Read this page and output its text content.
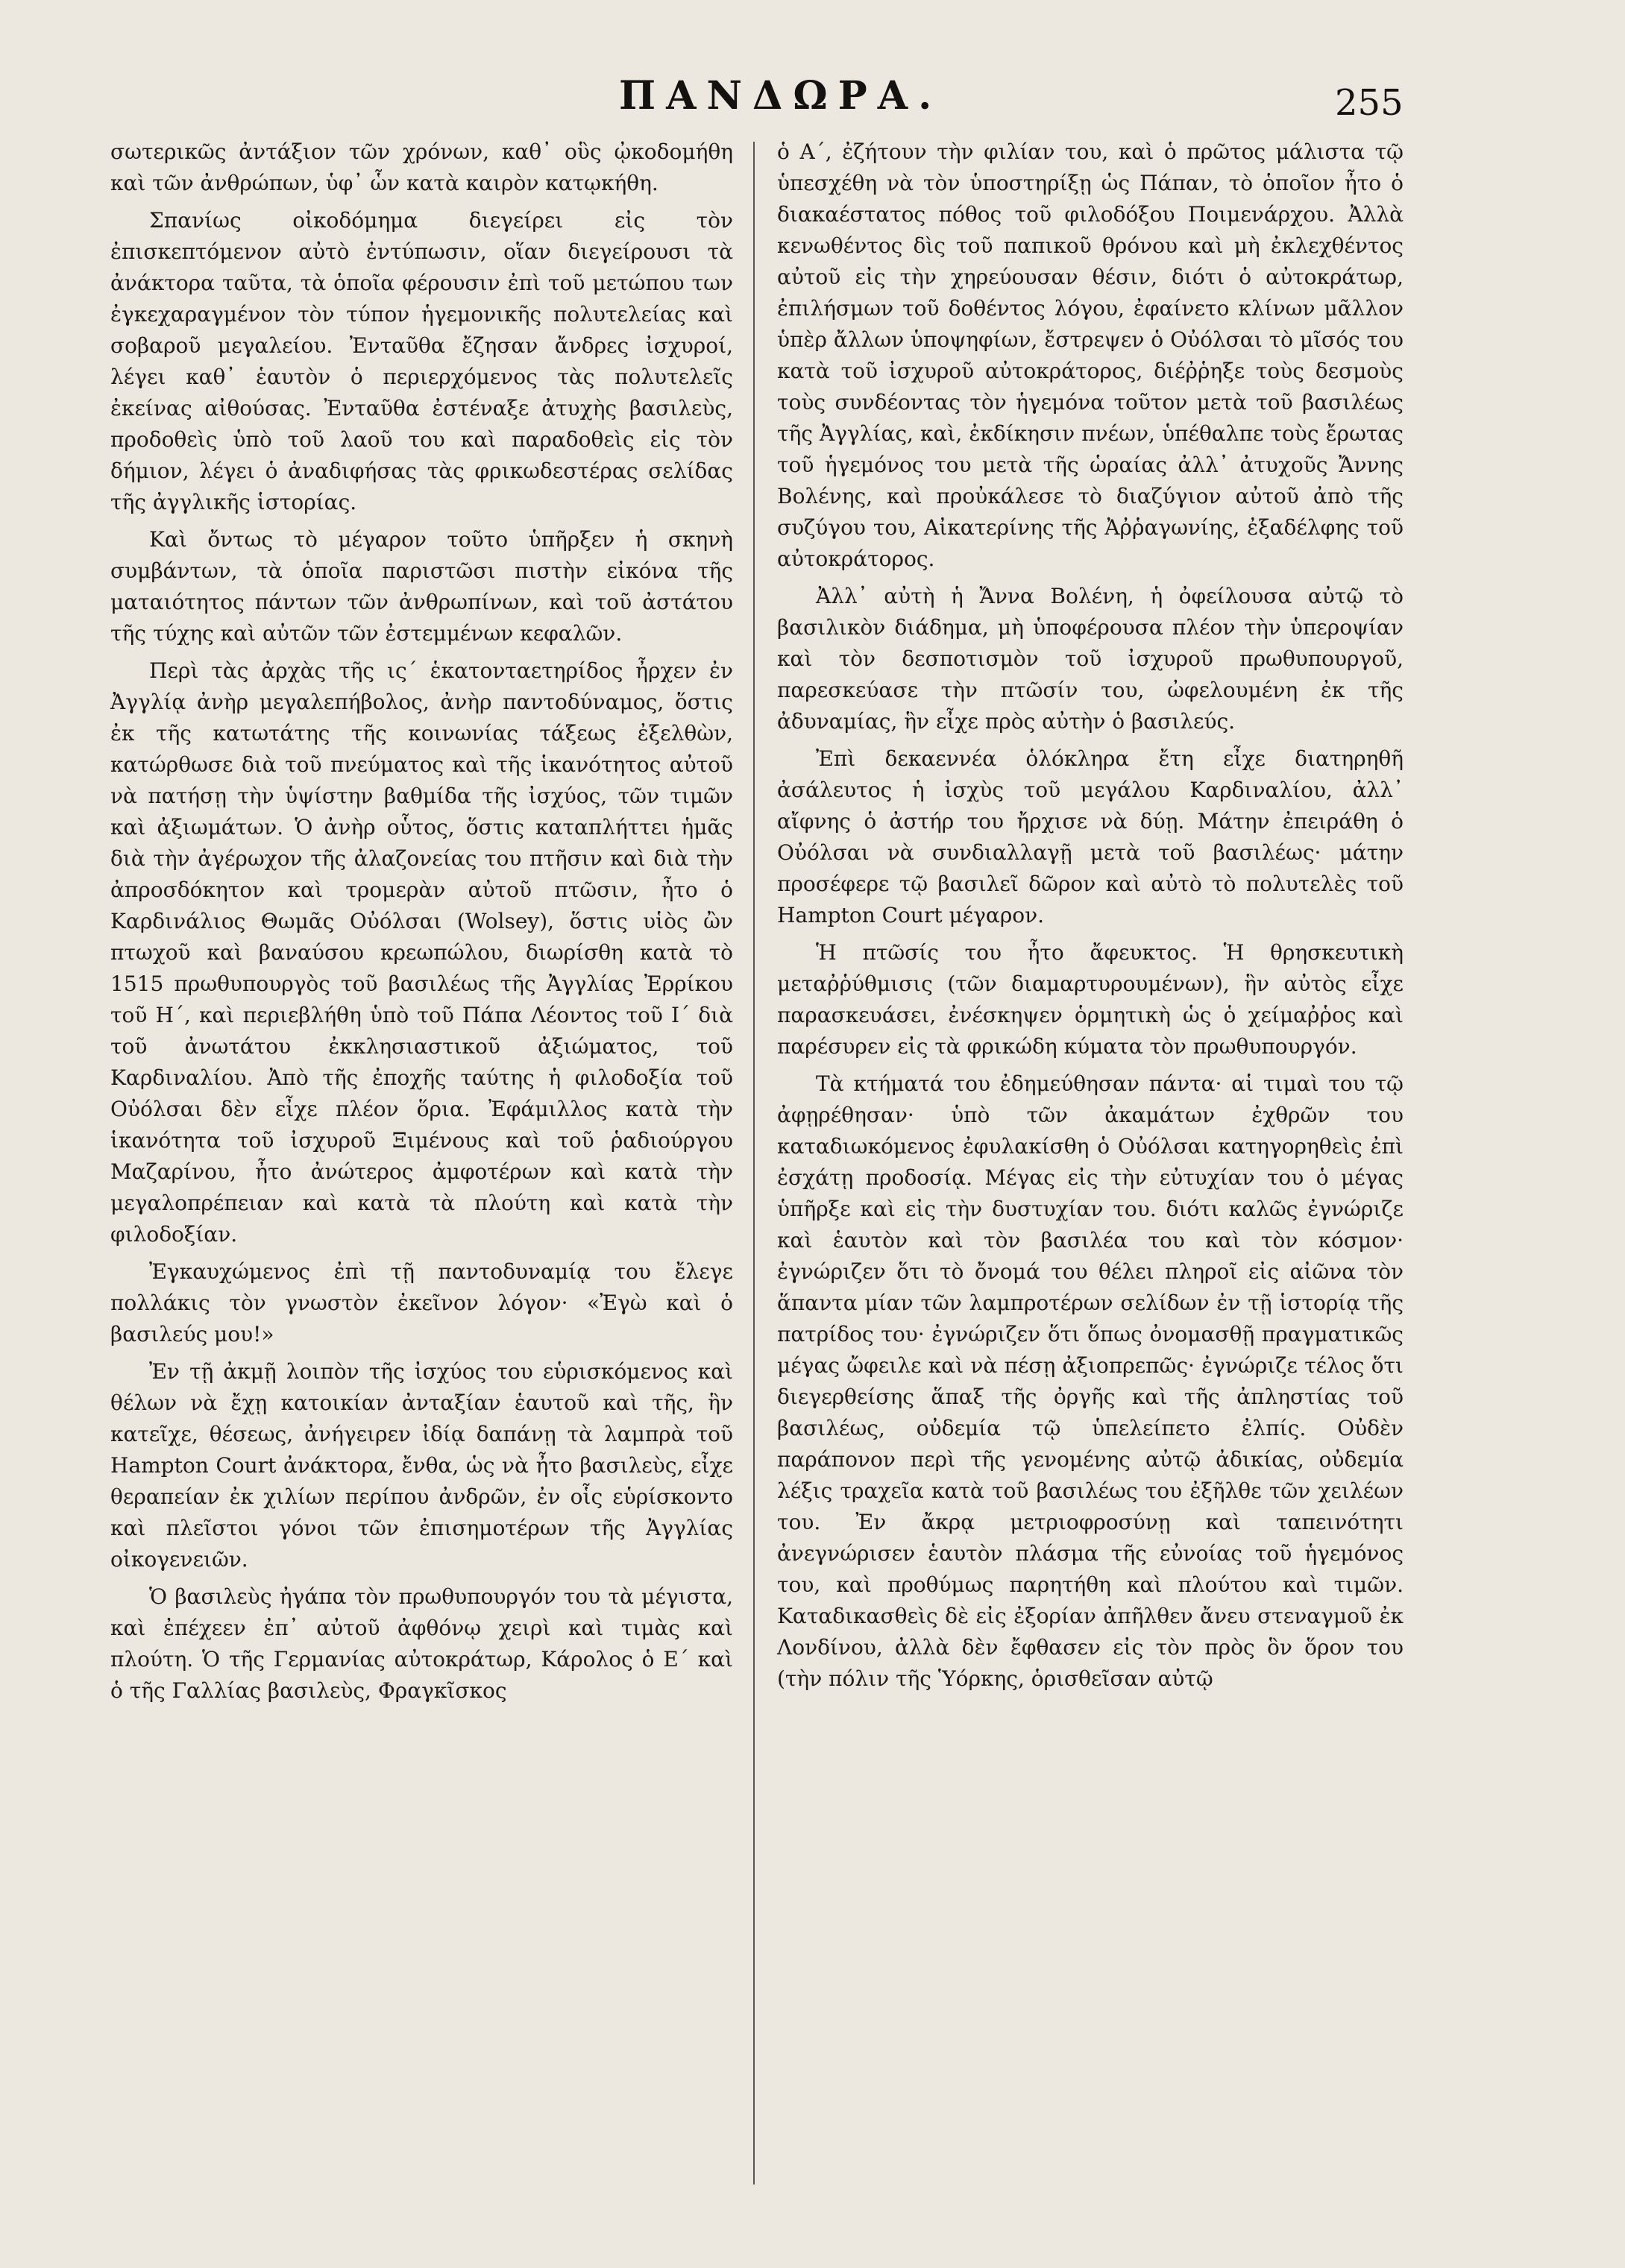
ΠΑΝΔΩΡΑ.	255

σωτερικῶς ἀντάξιον τῶν χρόνων, καθ᾽ οὓς ᾠκοδομήθη καὶ τῶν ἀνθρώπων, ὑφ᾽ ὧν κατὰ καιρὸν κατῳκήθη.

Σπανίως οἰκοδόμημα διεγείρει εἰς τὸν ἐπισκεπτόμενον αὐτὸ ἐντύπωσιν, οἵαν διεγείρουσι τὰ ἀνάκτορα ταῦτα, τὰ ὁποῖα φέρουσιν ἐπὶ τοῦ μετώπου των ἐγκεχαραγμένον τὸν τύπον ἡγεμονικῆς πολυτελείας καὶ σοβαροῦ μεγαλείου. Ἐνταῦθα ἔζησαν ἄνδρες ἰσχυροί, λέγει καθ᾽ ἑαυτὸν ὁ περιερχόμενος τὰς πολυτελεῖς ἐκείνας αἰθούσας. Ἐνταῦθα ἐστέναξε ἀτυχὴς βασιλεὺς, προδοθεὶς ὑπὸ τοῦ λαοῦ του καὶ παραδοθεὶς εἰς τὸν δήμιον, λέγει ὁ ἀναδιφήσας τὰς φρικωδεστέρας σελίδας τῆς ἀγγλικῆς ἱστορίας.

Καὶ ὄντως τὸ μέγαρον τοῦτο ὑπῆρξεν ἡ σκηνὴ συμβάντων, τὰ ὁποῖα παριστῶσι πιστὴν εἰκόνα τῆς ματαιότητος πάντων τῶν ἀνθρωπίνων, καὶ τοῦ ἀστάτου τῆς τύχης καὶ αὐτῶν τῶν ἐστεμμένων κεφαλῶν.

Περὶ τὰς ἀρχὰς τῆς ις´ ἑκατονταετηρίδος ἦρχεν ἐν Ἀγγλίᾳ ἀνὴρ μεγαλεπήβολος, ἀνὴρ παντοδύναμος, ὅστις ἐκ τῆς κατωτάτης τῆς κοινωνίας τάξεως ἐξελθὼν, κατώρθωσε διὰ τοῦ πνεύματος καὶ τῆς ἱκανότητος αὐτοῦ νὰ πατήσῃ τὴν ὑψίστην βαθμίδα τῆς ἰσχύος, τῶν τιμῶν καὶ ἀξιωμάτων. Ὁ ἀνὴρ οὗτος, ὅστις καταπλήττει ἡμᾶς διὰ τὴν ἀγέρωχον τῆς ἀλαζονείας του πτῆσιν καὶ διὰ τὴν ἀπροσδόκητον καὶ τρομερὰν αὐτοῦ πτῶσιν, ἦτο ὁ Καρδινάλιος Θωμᾶς Οὐόλσαι (Wolsey), ὅστις υἱὸς ὢν πτωχοῦ καὶ βαναύσου κρεωπώλου, διωρίσθη κατὰ τὸ 1515 πρωθυπουργὸς τοῦ βασιλέως τῆς Ἀγγλίας Ἐρρίκου τοῦ Η´, καὶ περιεβλήθη ὑπὸ τοῦ Πάπα Λέοντος τοῦ Ι´ διὰ τοῦ ἀνωτάτου ἐκκλησιαστικοῦ ἀξιώματος, τοῦ Καρδιναλίου. Ἀπὸ τῆς ἐποχῆς ταύτης ἡ φιλοδοξία τοῦ Οὐόλσαι δὲν εἶχε πλέον ὅρια. Ἐφάμιλλος κατὰ τὴν ἱκανότητα τοῦ ἰσχυροῦ Ξιμένους καὶ τοῦ ῥαδιούργου Μαζαρίνου, ἦτο ἀνώτερος ἀμφοτέρων καὶ κατὰ τὴν μεγαλοπρέπειαν καὶ κατὰ τὰ πλούτη καὶ κατὰ τὴν φιλοδοξίαν.

Ἐγκαυχώμενος ἐπὶ τῇ παντοδυναμίᾳ του ἔλεγε πολλάκις τὸν γνωστὸν ἐκεῖνον λόγον· «Ἐγὼ καὶ ὁ βασιλεύς μου!»

Ἐν τῇ ἀκμῇ λοιπὸν τῆς ἰσχύος του εὑρισκόμενος καὶ θέλων νὰ ἔχῃ κατοικίαν ἀνταξίαν ἑαυτοῦ καὶ τῆς, ἣν κατεῖχε, θέσεως, ἀνήγειρεν ἰδίᾳ δαπάνῃ τὰ λαμπρὰ τοῦ Hampton Court ἀνάκτορα, ἔνθα, ὡς νὰ ἦτο βασιλεὺς, εἶχε θεραπείαν ἐκ χιλίων περίπου ἀνδρῶν, ἐν οἷς εὑρίσκοντο καὶ πλεῖστοι γόνοι τῶν ἐπισημοτέρων τῆς Ἀγγλίας οἰκογενειῶν.

Ὁ βασιλεὺς ἠγάπα τὸν πρωθυπουργόν του τὰ μέγιστα, καὶ ἐπέχεεν ἐπ᾽ αὐτοῦ ἀφθόνῳ χειρὶ καὶ τιμὰς καὶ πλούτη. Ὁ τῆς Γερμανίας αὐτοκράτωρ, Κάρολος ὁ Ε´ καὶ ὁ τῆς Γαλλίας βασιλεὺς, Φραγκῖσκος

ὁ Α´, ἐζήτουν τὴν φιλίαν του, καὶ ὁ πρῶτος μάλιστα τῷ ὑπεσχέθη νὰ τὸν ὑποστηρίξῃ ὡς Πάπαν, τὸ ὁποῖον ἦτο ὁ διακαέστατος πόθος τοῦ φιλοδόξου Ποιμενάρχου. Ἀλλὰ κενωθέντος δὶς τοῦ παπικοῦ θρόνου καὶ μὴ ἐκλεχθέντος αὐτοῦ εἰς τὴν χηρεύουσαν θέσιν, διότι ὁ αὐτοκράτωρ, ἐπιλήσμων τοῦ δοθέντος λόγου, ἐφαίνετο κλίνων μᾶλλον ὑπὲρ ἄλλων ὑποψηφίων, ἔστρεψεν ὁ Οὐόλσαι τὸ μῖσός του κατὰ τοῦ ἰσχυροῦ αὐτοκράτορος, διέῤῥηξε τοὺς δεσμοὺς τοὺς συνδέοντας τὸν ἡγεμόνα τοῦτον μετὰ τοῦ βασιλέως τῆς Ἀγγλίας, καὶ, ἐκδίκησιν πνέων, ὑπέθαλπε τοὺς ἔρωτας τοῦ ἡγεμόνος του μετὰ τῆς ὡραίας ἀλλ᾽ ἀτυχοῦς Ἄννης Βολένης, καὶ προὐκάλεσε τὸ διαζύγιον αὐτοῦ ἀπὸ τῆς συζύγου του, Αἰκατερίνης τῆς Ἀῤῥαγωνίης, ἐξαδέλφης τοῦ αὐτοκράτορος.

Ἀλλ᾽ αὐτὴ ἡ Ἄννα Βολένη, ἡ ὀφείλουσα αὐτῷ τὸ βασιλικὸν διάδημα, μὴ ὑποφέρουσα πλέον τὴν ὑπεροψίαν καὶ τὸν δεσποτισμὸν τοῦ ἰσχυροῦ πρωθυπουργοῦ, παρεσκεύασε τὴν πτῶσίν του, ὠφελουμένη ἐκ τῆς ἀδυναμίας, ἣν εἶχε πρὸς αὐτὴν ὁ βασιλεύς.

Ἐπὶ δεκαεννέα ὁλόκληρα ἔτη εἶχε διατηρηθῆ ἀσάλευτος ἡ ἰσχὺς τοῦ μεγάλου Καρδιναλίου, ἀλλ᾽ αἴφνης ὁ ἀστήρ του ἤρχισε νὰ δύῃ. Μάτην ἐπειράθη ὁ Οὐόλσαι νὰ συνδιαλλαγῇ μετὰ τοῦ βασιλέως· μάτην προσέφερε τῷ βασιλεῖ δῶρον καὶ αὐτὸ τὸ πολυτελὲς τοῦ Hampton Court μέγαρον.

Ἡ πτῶσίς του ἦτο ἄφευκτος. Ἡ θρησκευτικὴ μεταῤῥύθμισις (τῶν διαμαρτυρουμένων), ἣν αὐτὸς εἶχε παρασκευάσει, ἐνέσκηψεν ὁρμητικὴ ὡς ὁ χείμαῤῥος καὶ παρέσυρεν εἰς τὰ φρικώδη κύματα τὸν πρωθυπουργόν.

Τὰ κτήματά του ἐδημεύθησαν πάντα· αἱ τιμαὶ του τῷ ἀφῃρέθησαν· ὑπὸ τῶν ἀκαμάτων ἐχθρῶν του καταδιωκόμενος ἐφυλακίσθη ὁ Οὐόλσαι κατηγορηθεὶς ἐπὶ ἐσχάτῃ προδοσίᾳ. Μέγας εἰς τὴν εὐτυχίαν του ὁ μέγας ὑπῆρξε καὶ εἰς τὴν δυστυχίαν του. διότι καλῶς ἐγνώριζε καὶ ἑαυτὸν καὶ τὸν βασιλέα του καὶ τὸν κόσμον· ἐγνώριζεν ὅτι τὸ ὄνομά του θέλει πληροῖ εἰς αἰῶνα τὸν ἅπαντα μίαν τῶν λαμπροτέρων σελίδων ἐν τῇ ἱστορίᾳ τῆς πατρίδος του· ἐγνώριζεν ὅτι ὅπως ὀνομασθῇ πραγματικῶς μέγας ὤφειλε καὶ νὰ πέσῃ ἀξιοπρεπῶς· ἐγνώριζε τέλος ὅτι διεγερθείσης ἅπαξ τῆς ὀργῆς καὶ τῆς ἀπληστίας τοῦ βασιλέως, οὐδεμία τῷ ὑπελείπετο ἐλπίς. Οὐδὲν παράπονον περὶ τῆς γενομένης αὐτῷ ἀδικίας, οὐδεμία λέξις τραχεῖα κατὰ τοῦ βασιλέως του ἐξῆλθε τῶν χειλέων του. Ἐν ἄκρᾳ μετριοφροσύνῃ καὶ ταπεινότητι ἀνεγνώρισεν ἑαυτὸν πλάσμα τῆς εὐνοίας τοῦ ἡγεμόνος του, καὶ προθύμως παρητήθη καὶ πλούτου καὶ τιμῶν. Καταδικασθεὶς δὲ εἰς ἐξορίαν ἀπῆλθεν ἄνευ στεναγμοῦ ἐκ Λονδίνου, ἀλλὰ δὲν ἔφθασεν εἰς τὸν πρὸς ὃν ὅρον του (τὴν πόλιν τῆς Ὑόρκης, ὁρισθεῖσαν αὐτῷ
